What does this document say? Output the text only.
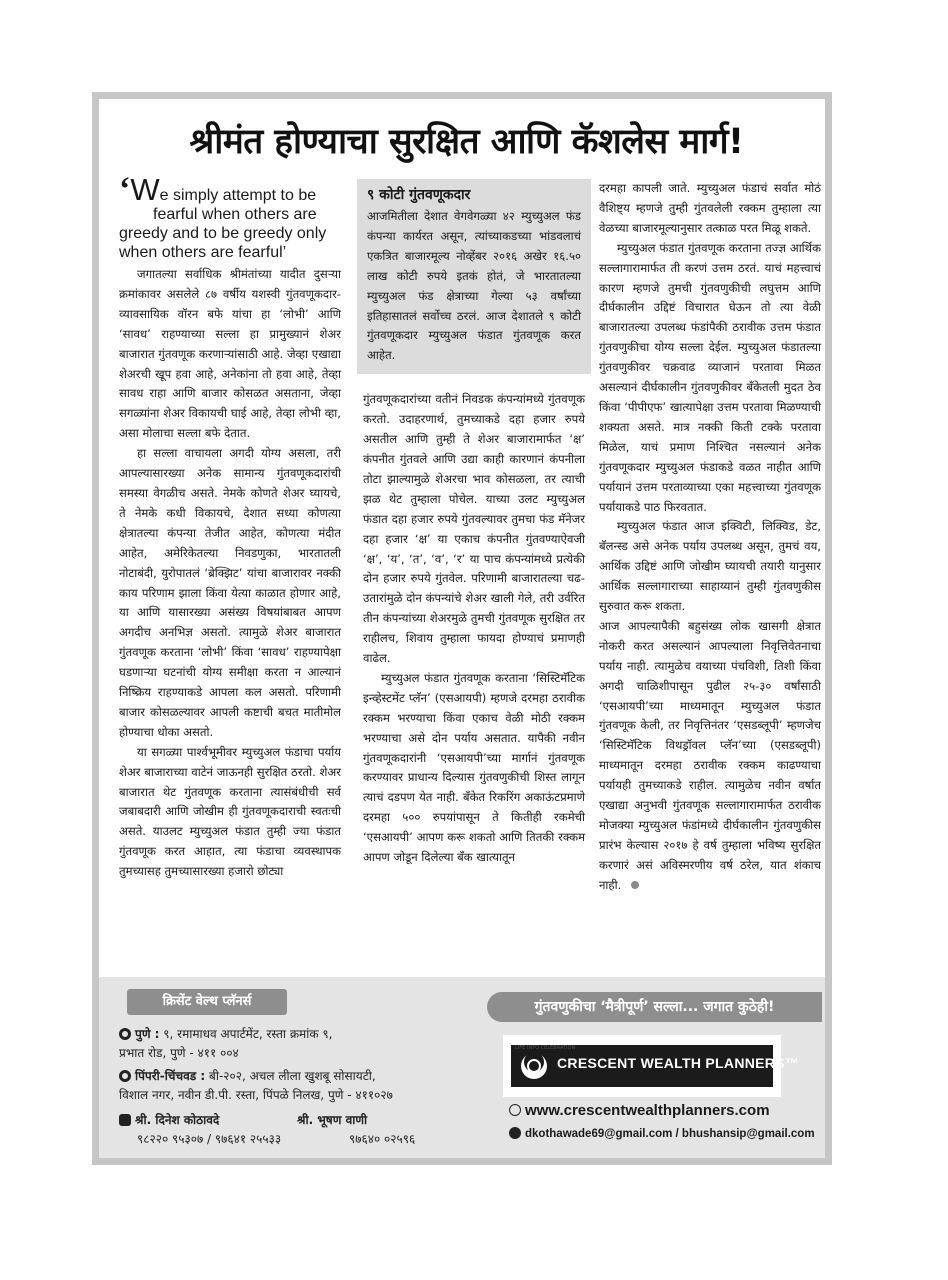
श्रीमंत होण्याचा सुरक्षित आणि कॅशलेस मार्ग!
‘We simply attempt to be
fearful when others are
greedy and to be greedy only
when others are fearful’

जगातल्या सर्वाधिक श्रीमंतांच्या यादीत दुसऱ्या क्रमांकावर असलेले ८७ वर्षीय यशस्वी गुंतवणूकदार-व्यावसायिक वॉरन बफे यांचा हा ‘लोभी’ आणि ‘सावध’ राहण्याच्या सल्ला हा प्रामुख्यानं शेअर बाजारात गुंतवणूक करणाऱ्यांसाठी आहे. जेव्हा एखाद्या शेअरची खूप हवा आहे, अनेकांना तो हवा आहे, तेव्हा सावध राहा आणि बाजार कोसळत असताना, जेव्हा सगळ्यांना शेअर विकायची घाई आहे, तेव्हा लोभी व्हा, असा मोलाचा सल्ला बफे देतात.

हा सल्ला वाचायला अगदी योग्य असला, तरी आपल्यासारख्या अनेक सामान्य गुंतवणूकदारांची समस्या वेगळीच असते. नेमके कोणते शेअर घ्यायचे, ते नेमके कधी विकायचे, देशात सध्या कोणत्या क्षेत्रातल्या कंपन्या तेजीत आहेत, कोणत्या मंदीत आहेत, अमेरिकेतल्या निवडणुका, भारतातली नोटाबंदी, युरोपातलं ‘ब्रेक्झिट’ यांचा बाजारावर नक्की काय परिणाम झाला किंवा येत्या काळात होणार आहे, या आणि यासारख्या असंख्य विषयांबाबत आपण अगदीच अनभिज्ञ असतो. त्यामुळे शेअर बाजारात गुंतवणूक करताना ‘लोभी’ किंवा ‘सावध’ राहण्यापेक्षा घडणाऱ्या घटनांची योग्य समीक्षा करता न आल्यानं निष्क्रिय राहण्याकडे आपला कल असतो. परिणामी बाजार कोसळल्यावर आपली कष्टाची बचत मातीमोल होण्याचा धोका असतो.

या सगळ्या पार्श्वभूमीवर म्युच्युअल फंडाचा पर्याय शेअर बाजाराच्या वाटेनं जाऊनही सुरक्षित ठरतो. शेअर बाजारात थेट गुंतवणूक करताना त्यासंबंधीची सर्व जबाबदारी आणि जोखीम ही गुंतवणूकदाराची स्वतःची असते. याउलट म्युच्युअल फंडात तुम्ही ज्या फंडात गुंतवणूक करत आहात, त्या फंडाचा व्यवस्थापक तुमच्यासह तुमच्यासारख्या हजारो छोट्या

९ कोटी गुंतवणूकदार

आजमितीला देशात वेगवेगळ्या ४२ म्युच्युअल फंड कंपन्या कार्यरत असून, त्यांच्याकडच्या भांडवलाचं एकत्रित बाजारमूल्य नोव्हेंबर २०१६ अखेर १६.५० लाख कोटी रुपये इतकं होतं, जे भारतातल्या म्युच्युअल फंड क्षेत्राच्या गेल्या ५३ वर्षांच्या इतिहासातलं सर्वोच्च ठरलं. आज देशातले ९ कोटी गुंतवणूकदार म्युच्युअल फंडात गुंतवणूक करत आहेत.

गुंतवणूकदारांच्या वतीनं निवडक कंपन्यांमध्ये गुंतवणूक करतो. उदाहरणार्थ, तुमच्याकडे दहा हजार रुपये असतील आणि तुम्ही ते शेअर बाजारामार्फत ‘क्ष’ कंपनीत गुंतवले आणि उद्या काही कारणानं कंपनीला तोटा झाल्यामुळे शेअरचा भाव कोसळला, तर त्याची झळ थेट तुम्हाला पोचेल. याच्या उलट म्युच्युअल फंडात दहा हजार रुपये गुंतवल्यावर तुमचा फंड मॅनेजर दहा हजार ‘क्ष’ या एकाच कंपनीत गुंतवण्याऐवजी ‘क्ष’, ‘य’, ‘त’, ‘व’, ‘र’ या पाच कंपन्यांमध्ये प्रत्येकी दोन हजार रुपये गुंतवेल. परिणामी बाजारातल्या चढ-उतारांमुळे दोन कंपन्यांचे शेअर खाली गेले, तरी उर्वरित तीन कंपन्यांच्या शेअरमुळे तुमची गुंतवणूक सुरक्षित तर राहीलच, शिवाय तुम्हाला फायदा होण्याचं प्रमाणही वाढेल.

म्युच्युअल फंडात गुंतवणूक करताना ‘सिस्टिमॅटिक इन्व्हेस्टमेंट प्लॅन’ (एसआयपी) म्हणजे दरमहा ठरावीक रक्कम भरण्याचा किंवा एकाच वेळी मोठी रक्कम भरण्याचा असे दोन पर्याय असतात. यापैकी नवीन गुंतवणूकदारांनी ‘एसआयपी’च्या मार्गानं गुंतवणूक करण्यावर प्राधान्य दिल्यास गुंतवणुकीची शिस्त लागून त्याचं दडपण येत नाही. बँकेत रिकरिंग अकाऊंटप्रमाणे दरमहा ५०० रुपयांपासून ते कितीही रकमेची ‘एसआयपी’ आपण करू शकतो आणि तितकी रक्कम आपण जोडून दिलेल्या बँक खात्यातून

दरमहा कापली जाते. म्युच्युअल फंडाचं सर्वात मोठं वैशिष्ट्य म्हणजे तुम्ही गुंतवलेली रक्कम तुम्हाला त्या वेळच्या बाजारमूल्यानुसार तत्काळ परत मिळू शकते.

म्युच्युअल फंडात गुंतवणूक करताना तज्ज्ञ आर्थिक सल्लागारामार्फत ती करणं उत्तम ठरतं. याचं महत्त्वाचं कारण म्हणजे तुमची गुंतवणुकीची लघुत्तम आणि दीर्घकालीन उद्दिष्टं विचारात घेऊन तो त्या वेळी बाजारातल्या उपलब्ध फंडांपैकी ठरावीक उत्तम फंडात गुंतवणुकीचा योग्य सल्ला देईल. म्युच्युअल फंडातल्या गुंतवणुकीवर चक्रवाढ व्याजानं परतावा मिळत असल्यानं दीर्घकालीन गुंतवणुकीवर बँकेतली मुदत ठेव किंवा ‘पीपीएफ’ खात्यापेक्षा उत्तम परतावा मिळण्याची शक्यता असते. मात्र नक्की किती टक्के परतावा मिळेल, याचं प्रमाण निश्चित नसल्यानं अनेक गुंतवणूकदार म्युच्युअल फंडाकडे वळत नाहीत आणि पर्यायानं उत्तम परताव्याच्या एका महत्त्वाच्या गुंतवणूक पर्यायाकडे पाठ फिरवतात.

म्युच्युअल फंडात आज इक्विटी, लिक्विड, डेट, बॅलन्स्ड असे अनेक पर्याय उपलब्ध असून, तुमचं वय, आर्थिक उद्दिष्टं आणि जोखीम घ्यायची तयारी यानुसार आर्थिक सल्लागाराच्या साहाय्यानं तुम्ही गुंतवणुकीस सुरुवात करू शकता.

आज आपल्यापैकी बहुसंख्य लोक खासगी क्षेत्रात नोकरी करत असल्यानं आपल्याला निवृत्तिवेतनाचा पर्याय नाही. त्यामुळेच वयाच्या पंचविशी, तिशी किंवा अगदी चाळिशीपासून पुढील २५-३० वर्षांसाठी ‘एसआयपी’च्या माध्यमातून म्युच्युअल फंडात गुंतवणूक केली, तर निवृत्तिनंतर ‘एसडब्लूपी’ म्हणजेच ‘सिस्टिमॅटिक विथड्रॉवल प्लॅन’च्या (एसडब्लूपी) माध्यमातून दरमहा ठरावीक रक्कम काढण्याचा पर्यायही तुमच्याकडे राहील. त्यामुळेच नवीन वर्षात एखाद्या अनुभवी गुंतवणूक सल्लागारामार्फत ठरावीक मोजक्या म्युच्युअल फंडांमध्ये दीर्घकालीन गुंतवणुकीस प्रारंभ केल्यास २०१७ हे वर्ष तुम्हाला भविष्य सुरक्षित करणारं असं अविस्मरणीय वर्ष ठरेल, यात शंकाच नाही.

क्रिसेंट वेल्थ प्लॅनर्स
पुणे : ९, रमामाधव अपार्टमेंट, रस्ता क्रमांक ९,
प्रभात रोड, पुणे - ४११ ००४
पिंपरी-चिंचवड : बी-२०२, अचल लीला खुशबू सोसायटी,
विशाल नगर, नवीन डी.पी. रस्ता, पिंपळे निलख, पुणे - ४११०२७
श्री. दिनेश कोठावदे	श्री. भूषण वाणी

९८२२० ९५३०७ / ९७६४१ २५५३३	९७६४० ०२५९६
गुंतवणुकीचा ‘मैत्रीपूर्ण’ सल्ला... जगात कुठेही!
LIFE INTO CELEBRATION
CRESCENT WEALTH PLANNERS™
www.crescentwealthplanners.com
dkothawade69@gmail.com / bhushansip@gmail.com
